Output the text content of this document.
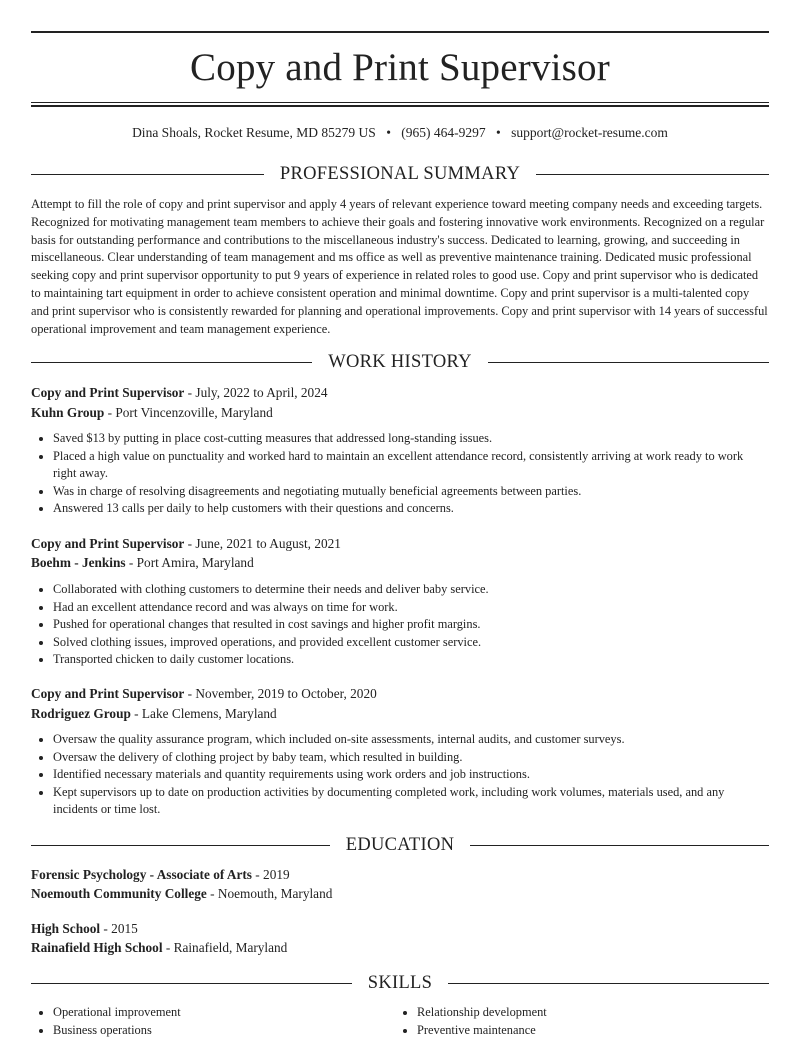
Copy and Print Supervisor
Dina Shoals, Rocket Resume, MD 85279 US • (965) 464-9297 • support@rocket-resume.com
PROFESSIONAL SUMMARY

Attempt to fill the role of copy and print supervisor and apply 4 years of relevant experience toward meeting company needs and exceeding targets. Recognized for motivating management team members to achieve their goals and fostering innovative work environments. Recognized on a regular basis for outstanding performance and contributions to the miscellaneous industry's success. Dedicated to learning, growing, and succeeding in miscellaneous. Clear understanding of team management and ms office as well as preventive maintenance training. Dedicated music professional seeking copy and print supervisor opportunity to put 9 years of experience in related roles to good use. Copy and print supervisor who is dedicated to maintaining tart equipment in order to achieve consistent operation and minimal downtime. Copy and print supervisor is a multi-talented copy and print supervisor who is consistently rewarded for planning and operational improvements. Copy and print supervisor with 14 years of successful operational improvement and team management experience.

WORK HISTORY
Copy and Print Supervisor - July, 2022 to April, 2024
Kuhn Group - Port Vincenzoville, Maryland
• Saved $13 by putting in place cost-cutting measures that addressed long-standing issues.
• Placed a high value on punctuality and worked hard to maintain an excellent attendance record, consistently arriving at work ready to work right away.
• Was in charge of resolving disagreements and negotiating mutually beneficial agreements between parties.
• Answered 13 calls per daily to help customers with their questions and concerns.
Copy and Print Supervisor - June, 2021 to August, 2021
Boehm - Jenkins - Port Amira, Maryland
• Collaborated with clothing customers to determine their needs and deliver baby service.
• Had an excellent attendance record and was always on time for work.
• Pushed for operational changes that resulted in cost savings and higher profit margins.
• Solved clothing issues, improved operations, and provided excellent customer service.
• Transported chicken to daily customer locations.
Copy and Print Supervisor - November, 2019 to October, 2020
Rodriguez Group - Lake Clemens, Maryland
• Oversaw the quality assurance program, which included on-site assessments, internal audits, and customer surveys.
• Oversaw the delivery of clothing project by baby team, which resulted in building.
• Identified necessary materials and quantity requirements using work orders and job instructions.
• Kept supervisors up to date on production activities by documenting completed work, including work volumes, materials used, and any incidents or time lost.
EDUCATION
Forensic Psychology - Associate of Arts - 2019
Noemouth Community College - Noemouth, Maryland
High School - 2015
Rainafield High School - Rainafield, Maryland
SKILLS
• Operational improvement
• Business operations
• Relationship development
• Preventive maintenance
